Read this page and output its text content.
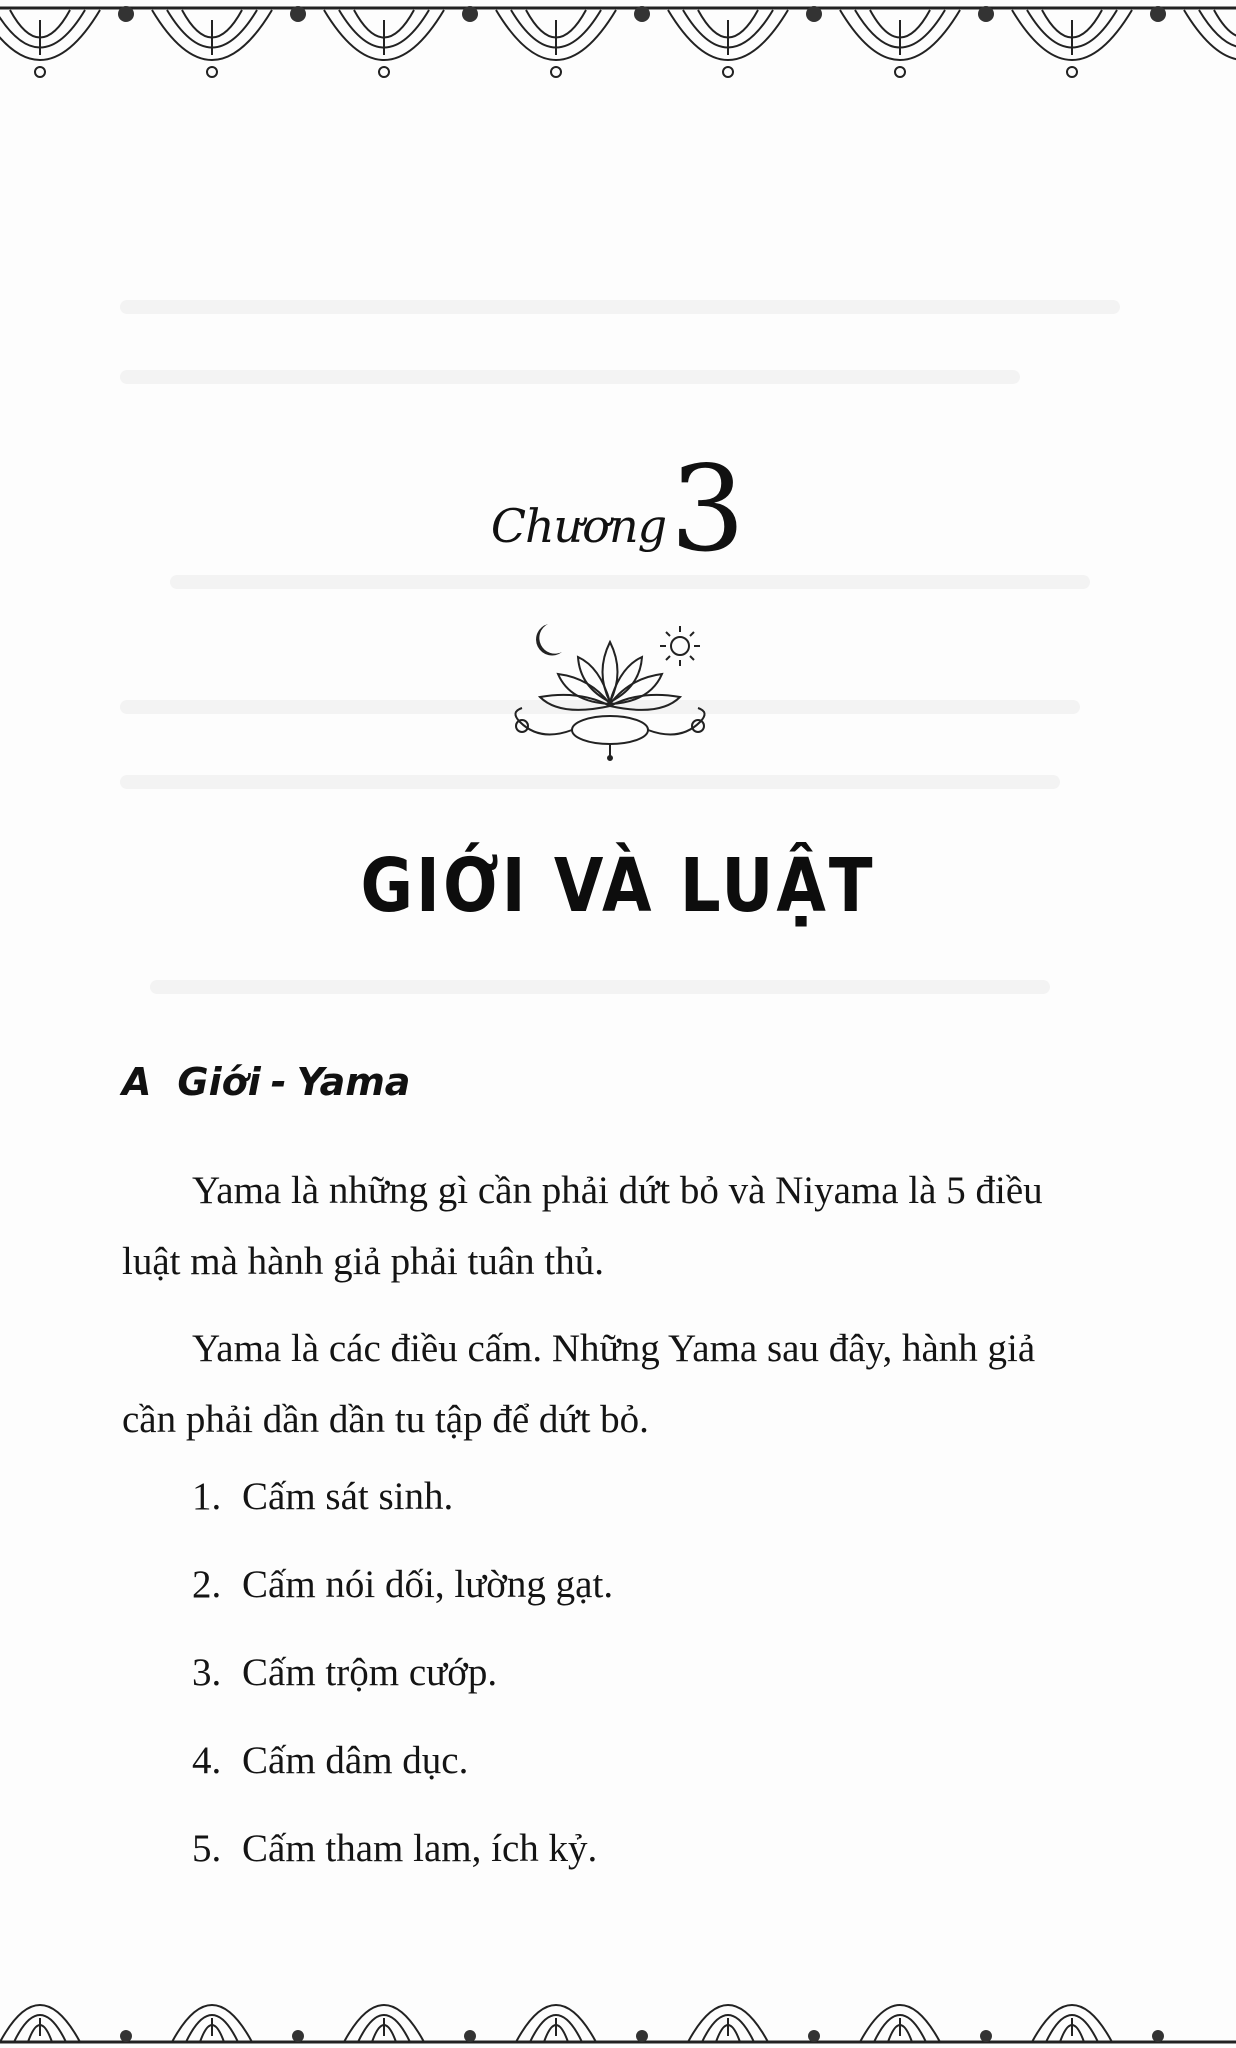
Chương3
GIỚI VÀ LUẬT
A Giới - Yama
Yama là những gì cần phải dứt bỏ và Niyama là 5 điều luật mà hành giả phải tuân thủ.
Yama là các điều cấm. Những Yama sau đây, hành giả cần phải dần dần tu tập để dứt bỏ.
1. Cấm sát sinh.
2. Cấm nói dối, lường gạt.
3. Cấm trộm cướp.
4. Cấm dâm dục.
5. Cấm tham lam, ích kỷ.
